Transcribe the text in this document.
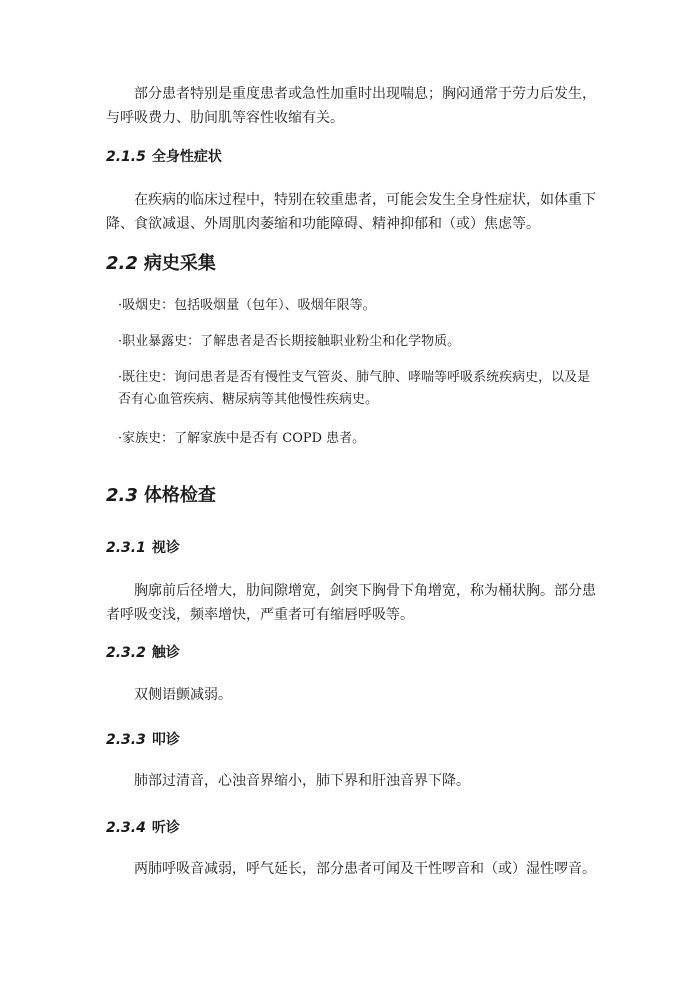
部分患者特别是重度患者或急性加重时出现喘息；胸闷通常于劳力后发生，与呼吸费力、肋间肌等容性收缩有关。

2.1.5 全身性症状

在疾病的临床过程中，特别在较重患者，可能会发生全身性症状，如体重下降、食欲减退、外周肌肉萎缩和功能障碍、精神抑郁和（或）焦虑等。

2.2 病史采集

·吸烟史：包括吸烟量（包年）、吸烟年限等。

·职业暴露史：了解患者是否长期接触职业粉尘和化学物质。

·既往史：询问患者是否有慢性支气管炎、肺气肿、哮喘等呼吸系统疾病史，以及是否有心血管疾病、糖尿病等其他慢性疾病史。

·家族史：了解家族中是否有 COPD 患者。

2.3 体格检查
2.3.1 视诊

胸廓前后径增大，肋间隙增宽，剑突下胸骨下角增宽，称为桶状胸。部分患者呼吸变浅，频率增快，严重者可有缩唇呼吸等。

2.3.2 触诊

双侧语颤减弱。

2.3.3 叩诊

肺部过清音，心浊音界缩小，肺下界和肝浊音界下降。

2.3.4 听诊

两肺呼吸音减弱，呼气延长，部分患者可闻及干性啰音和（或）湿性啰音。
